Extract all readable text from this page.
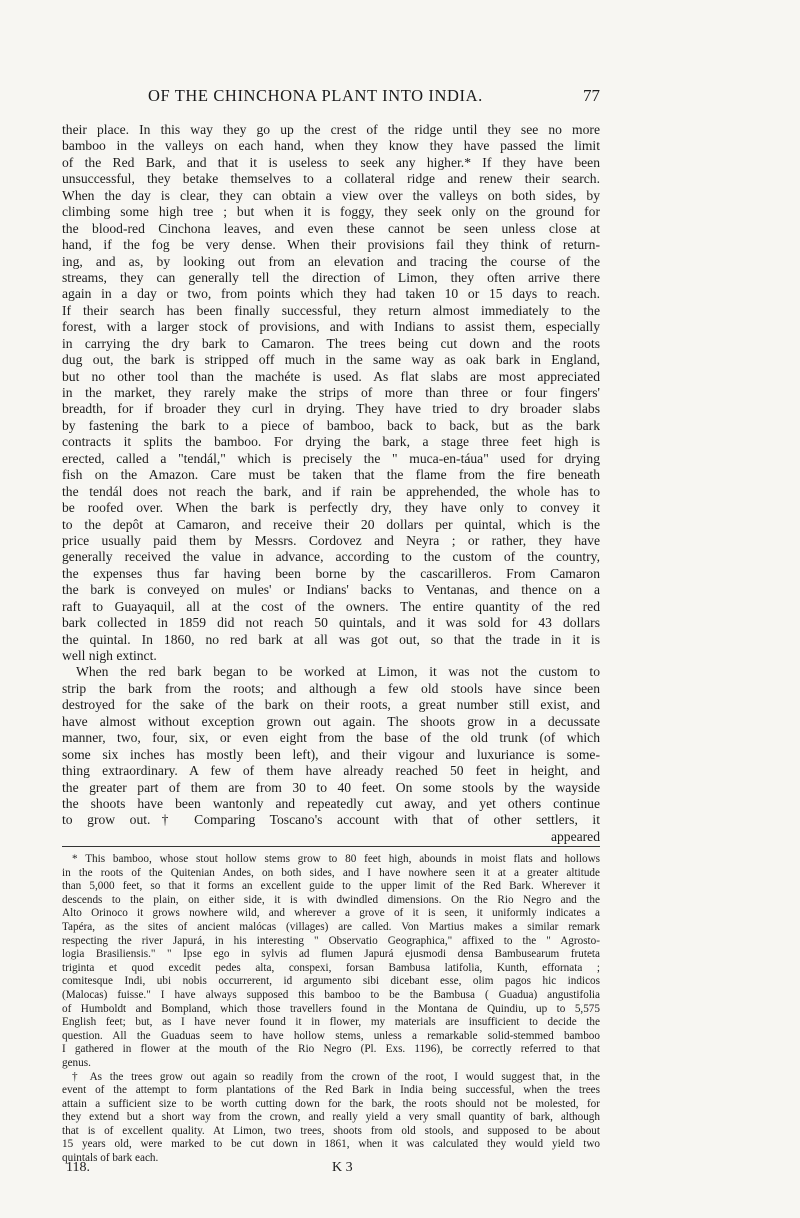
OF THE CHINCHONA PLANT INTO INDIA.	77
their place. In this way they go up the crest of the ridge until they see no more
bamboo in the valleys on each hand, when they know they have passed the limit
of the Red Bark, and that it is useless to seek any higher.* If they have been
unsuccessful, they betake themselves to a collateral ridge and renew their search.
When the day is clear, they can obtain a view over the valleys on both sides, by
climbing some high tree ; but when it is foggy, they seek only on the ground for
the blood-red Cinchona leaves, and even these cannot be seen unless close at
hand, if the fog be very dense. When their provisions fail they think of return-
ing, and as, by looking out from an elevation and tracing the course of the
streams, they can generally tell the direction of Limon, they often arrive there
again in a day or two, from points which they had taken 10 or 15 days to reach.
If their search has been finally successful, they return almost immediately to the
forest, with a larger stock of provisions, and with Indians to assist them, especially
in carrying the dry bark to Camaron. The trees being cut down and the roots
dug out, the bark is stripped off much in the same way as oak bark in England,
but no other tool than the machéte is used. As flat slabs are most appreciated
in the market, they rarely make the strips of more than three or four fingers'
breadth, for if broader they curl in drying. They have tried to dry broader slabs
by fastening the bark to a piece of bamboo, back to back, but as the bark
contracts it splits the bamboo. For drying the bark, a stage three feet high is
erected, called a "tendál," which is precisely the " muca-en-táua" used for drying
fish on the Amazon. Care must be taken that the flame from the fire beneath
the tendál does not reach the bark, and if rain be apprehended, the whole has to
be roofed over. When the bark is perfectly dry, they have only to convey it
to the depôt at Camaron, and receive their 20 dollars per quintal, which is the
price usually paid them by Messrs. Cordovez and Neyra ; or rather, they have
generally received the value in advance, according to the custom of the country,
the expenses thus far having been borne by the cascarilleros. From Camaron
the bark is conveyed on mules' or Indians' backs to Ventanas, and thence on a
raft to Guayaquil, all at the cost of the owners. The entire quantity of the red
bark collected in 1859 did not reach 50 quintals, and it was sold for 43 dollars
the quintal. In 1860, no red bark at all was got out, so that the trade in it is
well nigh extinct.
When the red bark began to be worked at Limon, it was not the custom to
strip the bark from the roots; and although a few old stools have since been
destroyed for the sake of the bark on their roots, a great number still exist, and
have almost without exception grown out again. The shoots grow in a decussate
manner, two, four, six, or even eight from the base of the old trunk (of which
some six inches has mostly been left), and their vigour and luxuriance is some-
thing extraordinary. A few of them have already reached 50 feet in height, and
the greater part of them are from 30 to 40 feet. On some stools by the wayside
the shoots have been wantonly and repeatedly cut away, and yet others continue
to grow out.† Comparing Toscano's account with that of other settlers, it
appeared
* This bamboo, whose stout hollow stems grow to 80 feet high, abounds in moist flats and hollows
in the roots of the Quitenian Andes, on both sides, and I have nowhere seen it at a greater altitude
than 5,000 feet, so that it forms an excellent guide to the upper limit of the Red Bark. Wherever it
descends to the plain, on either side, it is with dwindled dimensions. On the Rio Negro and the
Alto Orinoco it grows nowhere wild, and wherever a grove of it is seen, it uniformly indicates a
Tapéra, as the sites of ancient malócas (villages) are called. Von Martius makes a similar remark
respecting the river Japurá, in his interesting " Observatio Geographica," affixed to the " Agrosto-
logia Brasiliensis." " Ipse ego in sylvis ad flumen Japurá ejusmodi densa Bambusearum fruteta
triginta et quod excedit pedes alta, conspexi, forsan Bambusa latifolia, Kunth, effornata ;
comitesque Indi, ubi nobis occurrerent, id argumento sibi dicebant esse, olim pagos hic indicos
(Malocas) fuisse." I have always supposed this bamboo to be the Bambusa ( Guadua) angustifolia
of Humboldt and Bompland, which those travellers found in the Montana de Quindiu, up to 5,575
English feet; but, as I have never found it in flower, my materials are insufficient to decide the
question. All the Guaduas seem to have hollow stems, unless a remarkable solid-stemmed bamboo
I gathered in flower at the mouth of the Rio Negro (Pl. Exs. 1196), be correctly referred to that
genus.
† As the trees grow out again so readily from the crown of the root, I would suggest that, in the
event of the attempt to form plantations of the Red Bark in India being successful, when the trees
attain a sufficient size to be worth cutting down for the bark, the roots should not be molested, for
they extend but a short way from the crown, and really yield a very small quantity of bark, although
that is of excellent quality. At Limon, two trees, shoots from old stools, and supposed to be about
15 years old, were marked to be cut down in 1861, when it was calculated they would yield two
quintals of bark each.
118.	K 3
